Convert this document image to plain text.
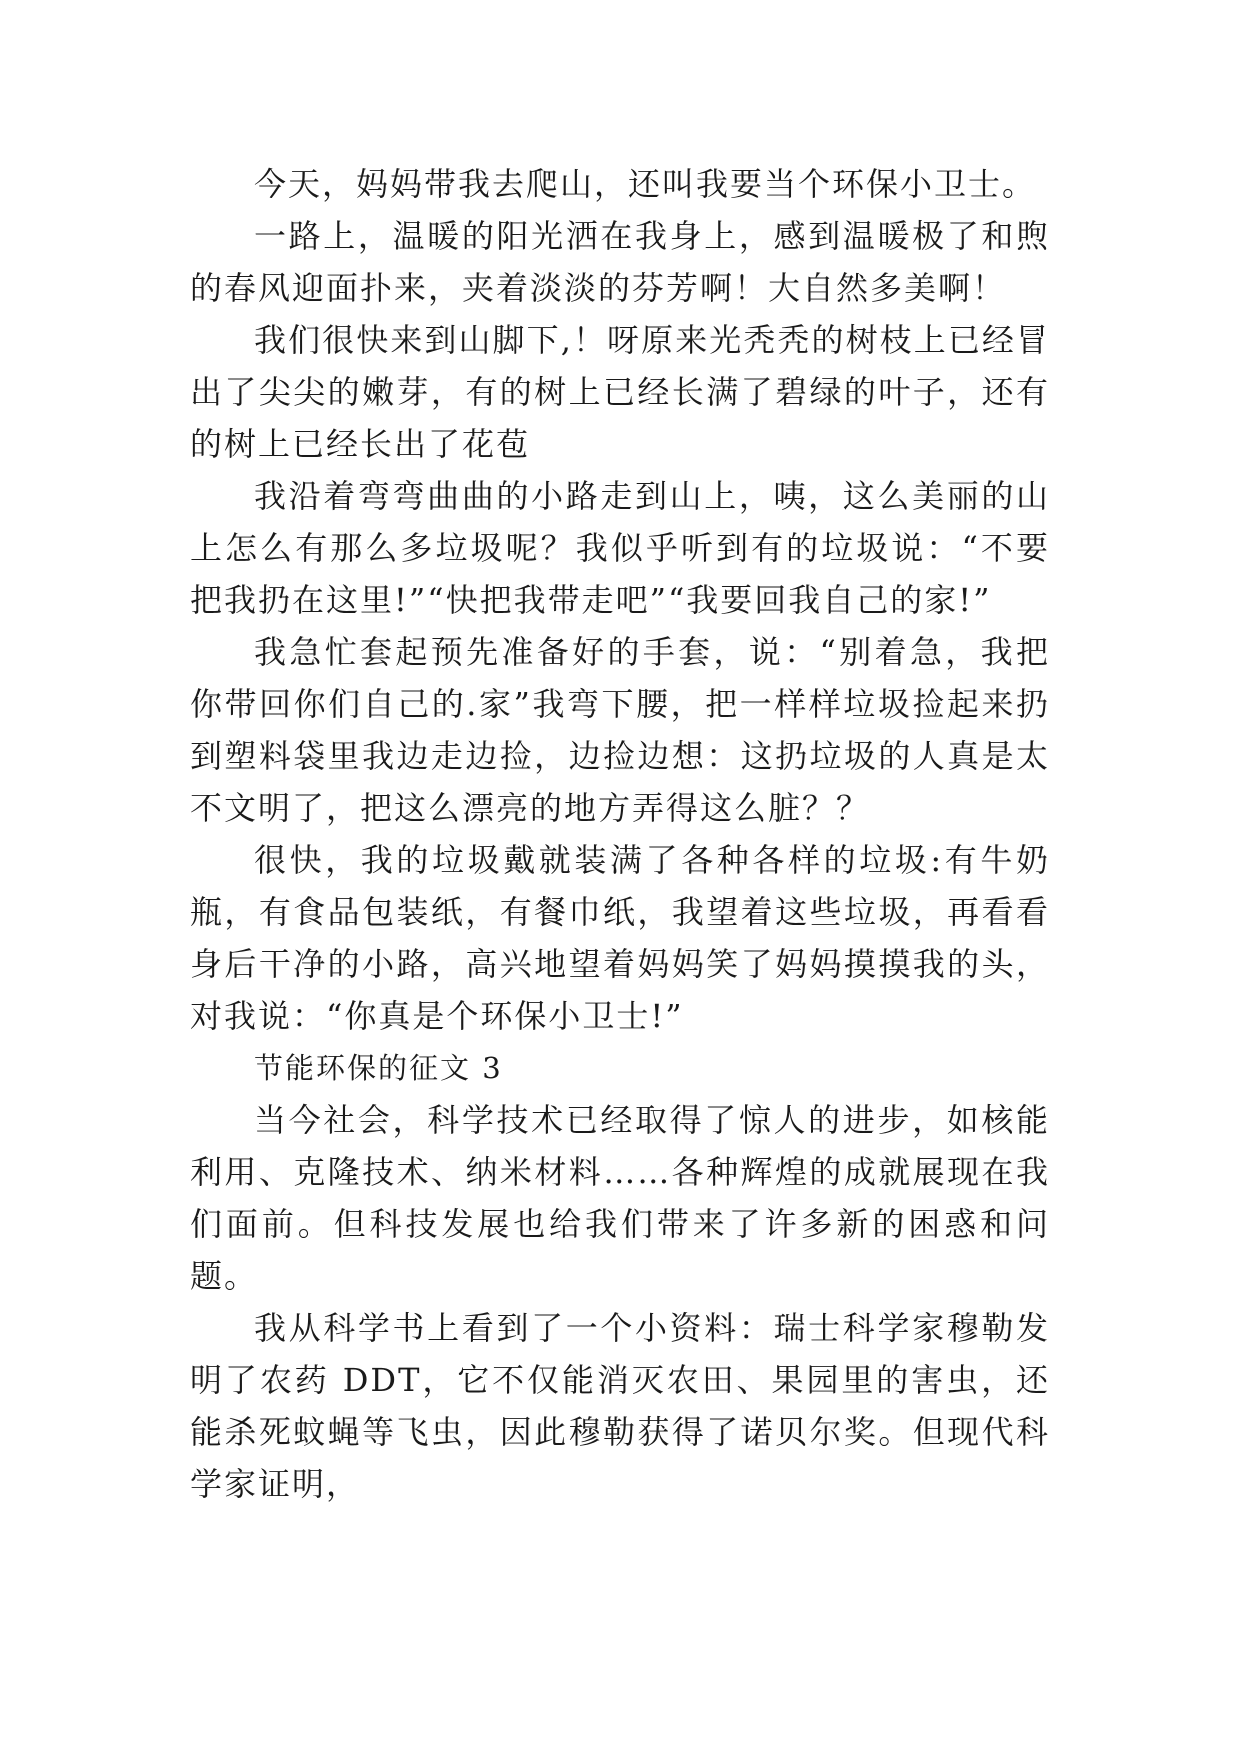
今天，妈妈带我去爬山，还叫我要当个环保小卫士。

一路上，温暖的阳光洒在我身上，感到温暖极了和煦的春风迎面扑来，夹着淡淡的芬芳啊！大自然多美啊！

我们很快来到山脚下,！呀原来光秃秃的树枝上已经冒出了尖尖的嫩芽，有的树上已经长满了碧绿的叶子，还有的树上已经长出了花苞

我沿着弯弯曲曲的小路走到山上，咦，这么美丽的山上怎么有那么多垃圾呢？我似乎听到有的垃圾说：“不要把我扔在这里!”“快把我带走吧”“我要回我自己的家!”

我急忙套起预先准备好的手套，说：“别着急，我把你带回你们自己的.家”我弯下腰，把一样样垃圾捡起来扔到塑料袋里我边走边捡，边捡边想：这扔垃圾的人真是太不文明了，把这么漂亮的地方弄得这么脏？？

很快，我的垃圾戴就装满了各种各样的垃圾:有牛奶瓶，有食品包装纸，有餐巾纸，我望着这些垃圾，再看看身后干净的小路，高兴地望着妈妈笑了妈妈摸摸我的头，对我说：“你真是个环保小卫士!”

节能环保的征文 3

当今社会，科学技术已经取得了惊人的进步，如核能利用、克隆技术、纳米材料……各种辉煌的成就展现在我们面前。但科技发展也给我们带来了许多新的困惑和问题。

我从科学书上看到了一个小资料：瑞士科学家穆勒发明了农药 DDT，它不仅能消灭农田、果园里的害虫，还能杀死蚊蝇等飞虫，因此穆勒获得了诺贝尔奖。但现代科学家证明，
